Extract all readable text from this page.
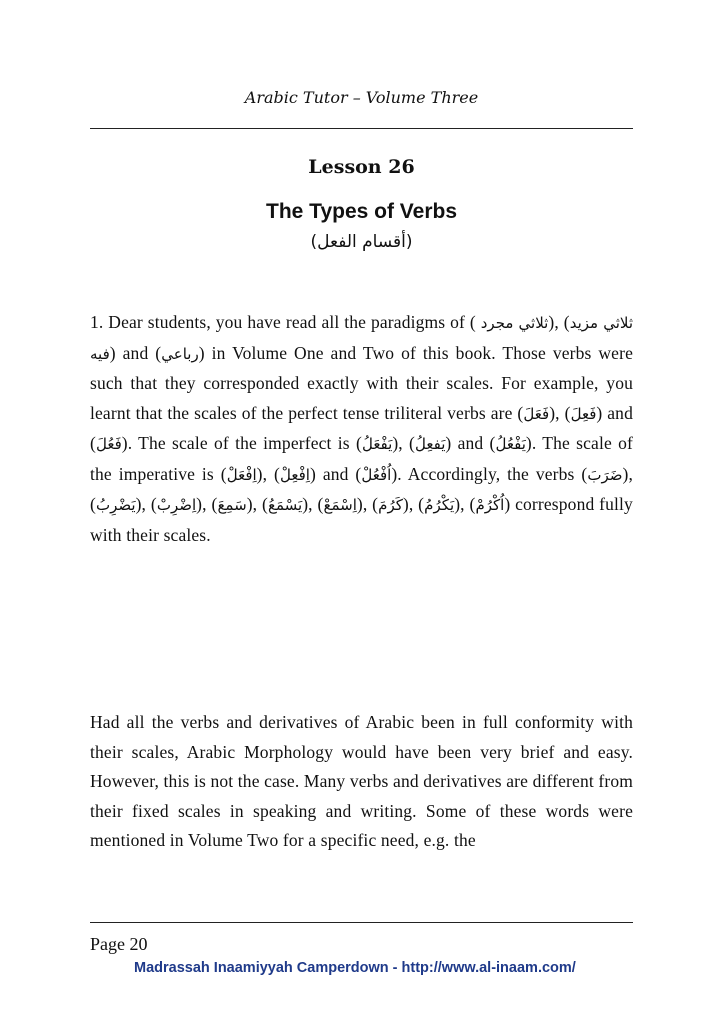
Arabic Tutor – Volume Three
Lesson 26
The Types of Verbs
(أقسام الفعل)

1. Dear students, you have read all the paradigms of ( ثلاثي مجرد), (ثلاثي مزيد فيه) and (رباعي) in Volume One and Two of this book. Those verbs were such that they corresponded exactly with their scales. For example, you learnt that the scales of the perfect tense triliteral verbs are (فَعَلَ), (فَعِلَ) and (فَعُلَ). The scale of the imperfect is (يَفْعَلُ), (يَفعِلُ) and (يَفْعُلُ). The scale of the imperative is (اِفْعَلْ), (اِفْعِلْ) and (اُفْعُلْ). Accordingly, the verbs (ضَرَبَ), (يَضْرِبُ), (اِضْرِبْ), (سَمِعَ), (يَسْمَعُ), (اِسْمَعْ), (كَرُمَ), (يَكْرُمُ), (اُكْرُمْ) correspond fully with their scales.

Had all the verbs and derivatives of Arabic been in full conformity with their scales, Arabic Morphology would have been very brief and easy. However, this is not the case. Many verbs and derivatives are different from their fixed scales in speaking and writing. Some of these words were mentioned in Volume Two for a specific need, e.g. the

Page 20
Madrassah Inaamiyyah Camperdown - http://www.al-inaam.com/
